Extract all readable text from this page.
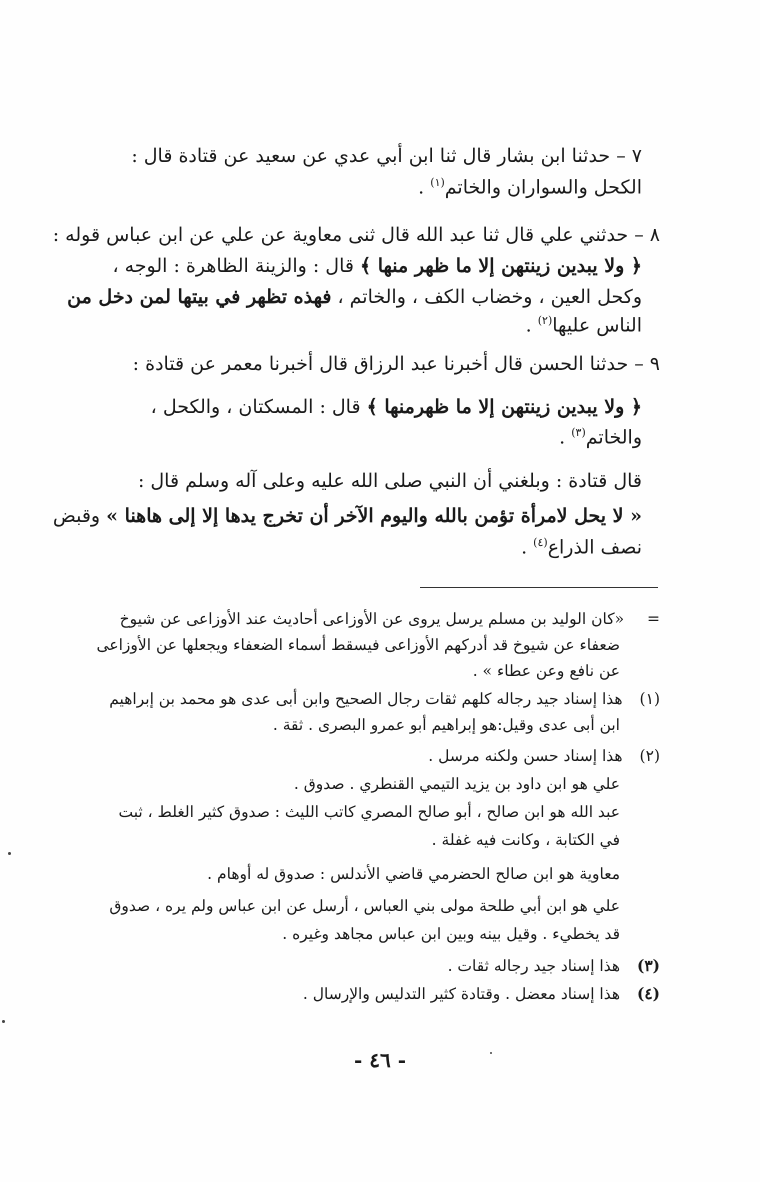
٧ – حدثنا ابن بشار قال ثنا ابن أبي عدي عن سعيد عن قتادة قال :
الكحل والسواران والخاتم$^{(١)}$ .
٨ – حدثني علي قال ثنا عبد الله قال ثنى معاوية عن علي عن ابن عباس قوله :
﴿ ولا يبدين زينتهن إلا ما ظهر منها ﴾ قال : والزينة الظاهرة : الوجه ،
وكحل العين ، وخضاب الكف ، والخاتم ، فهذه تظهر في بيتها لمن دخل من
الناس عليها$^{(٢)}$ .
٩ – حدثنا الحسن قال أخبرنا عبد الرزاق قال أخبرنا معمر عن قتادة :
﴿ ولا يبدين زينتهن إلا ما ظهرمنها ﴾ قال : المسكتان ، والكحل ،
والخاتم$^{(٣)}$ .
قال قتادة : وبلغني أن النبي صلى الله عليه وعلى آله وسلم قال :
« لا يحل لامرأة تؤمن بالله واليوم الآخر أن تخرج يدها إلا إلى هاهنا » وقبض
نصف الذراع$^{(٤)}$ .
= «كان الوليد بن مسلم يرسل يروى عن الأوزاعى أحاديث عند الأوزاعى عن شيوخ
ضعفاء عن شيوخ قد أدركهم الأوزاعى فيسقط أسماء الضعفاء ويجعلها عن الأوزاعى
عن نافع وعن عطاء » .
(١) هذا إسناد جيد رجاله كلهم ثقات رجال الصحيح وابن أبى عدى هو محمد بن إبراهيم
ابن أبى عدى وقيل:هو إبراهيم أبو عمرو البصرى . ثقة .
(٢) هذا إسناد حسن ولكنه مرسل .
علي هو ابن داود بن يزيد التيمي القنطري . صدوق .
عبد الله هو ابن صالح ، أبو صالح المصري كاتب الليث : صدوق كثير الغلط ، ثبت
في الكتابة ، وكانت فيه غفلة .
معاوية هو ابن صالح الحضرمي قاضي الأندلس : صدوق له أوهام .
علي هو ابن أبي طلحة مولى بني العباس ، أرسل عن ابن عباس ولم يره ، صدوق
قد يخطيء . وقيل بينه وبين ابن عباس مجاهد وغيره .
(٣) هذا إسناد جيد رجاله ثقات .
(٤) هذا إسناد معضل . وقتادة كثير التدليس والإرسال .
- ٤٦ -
